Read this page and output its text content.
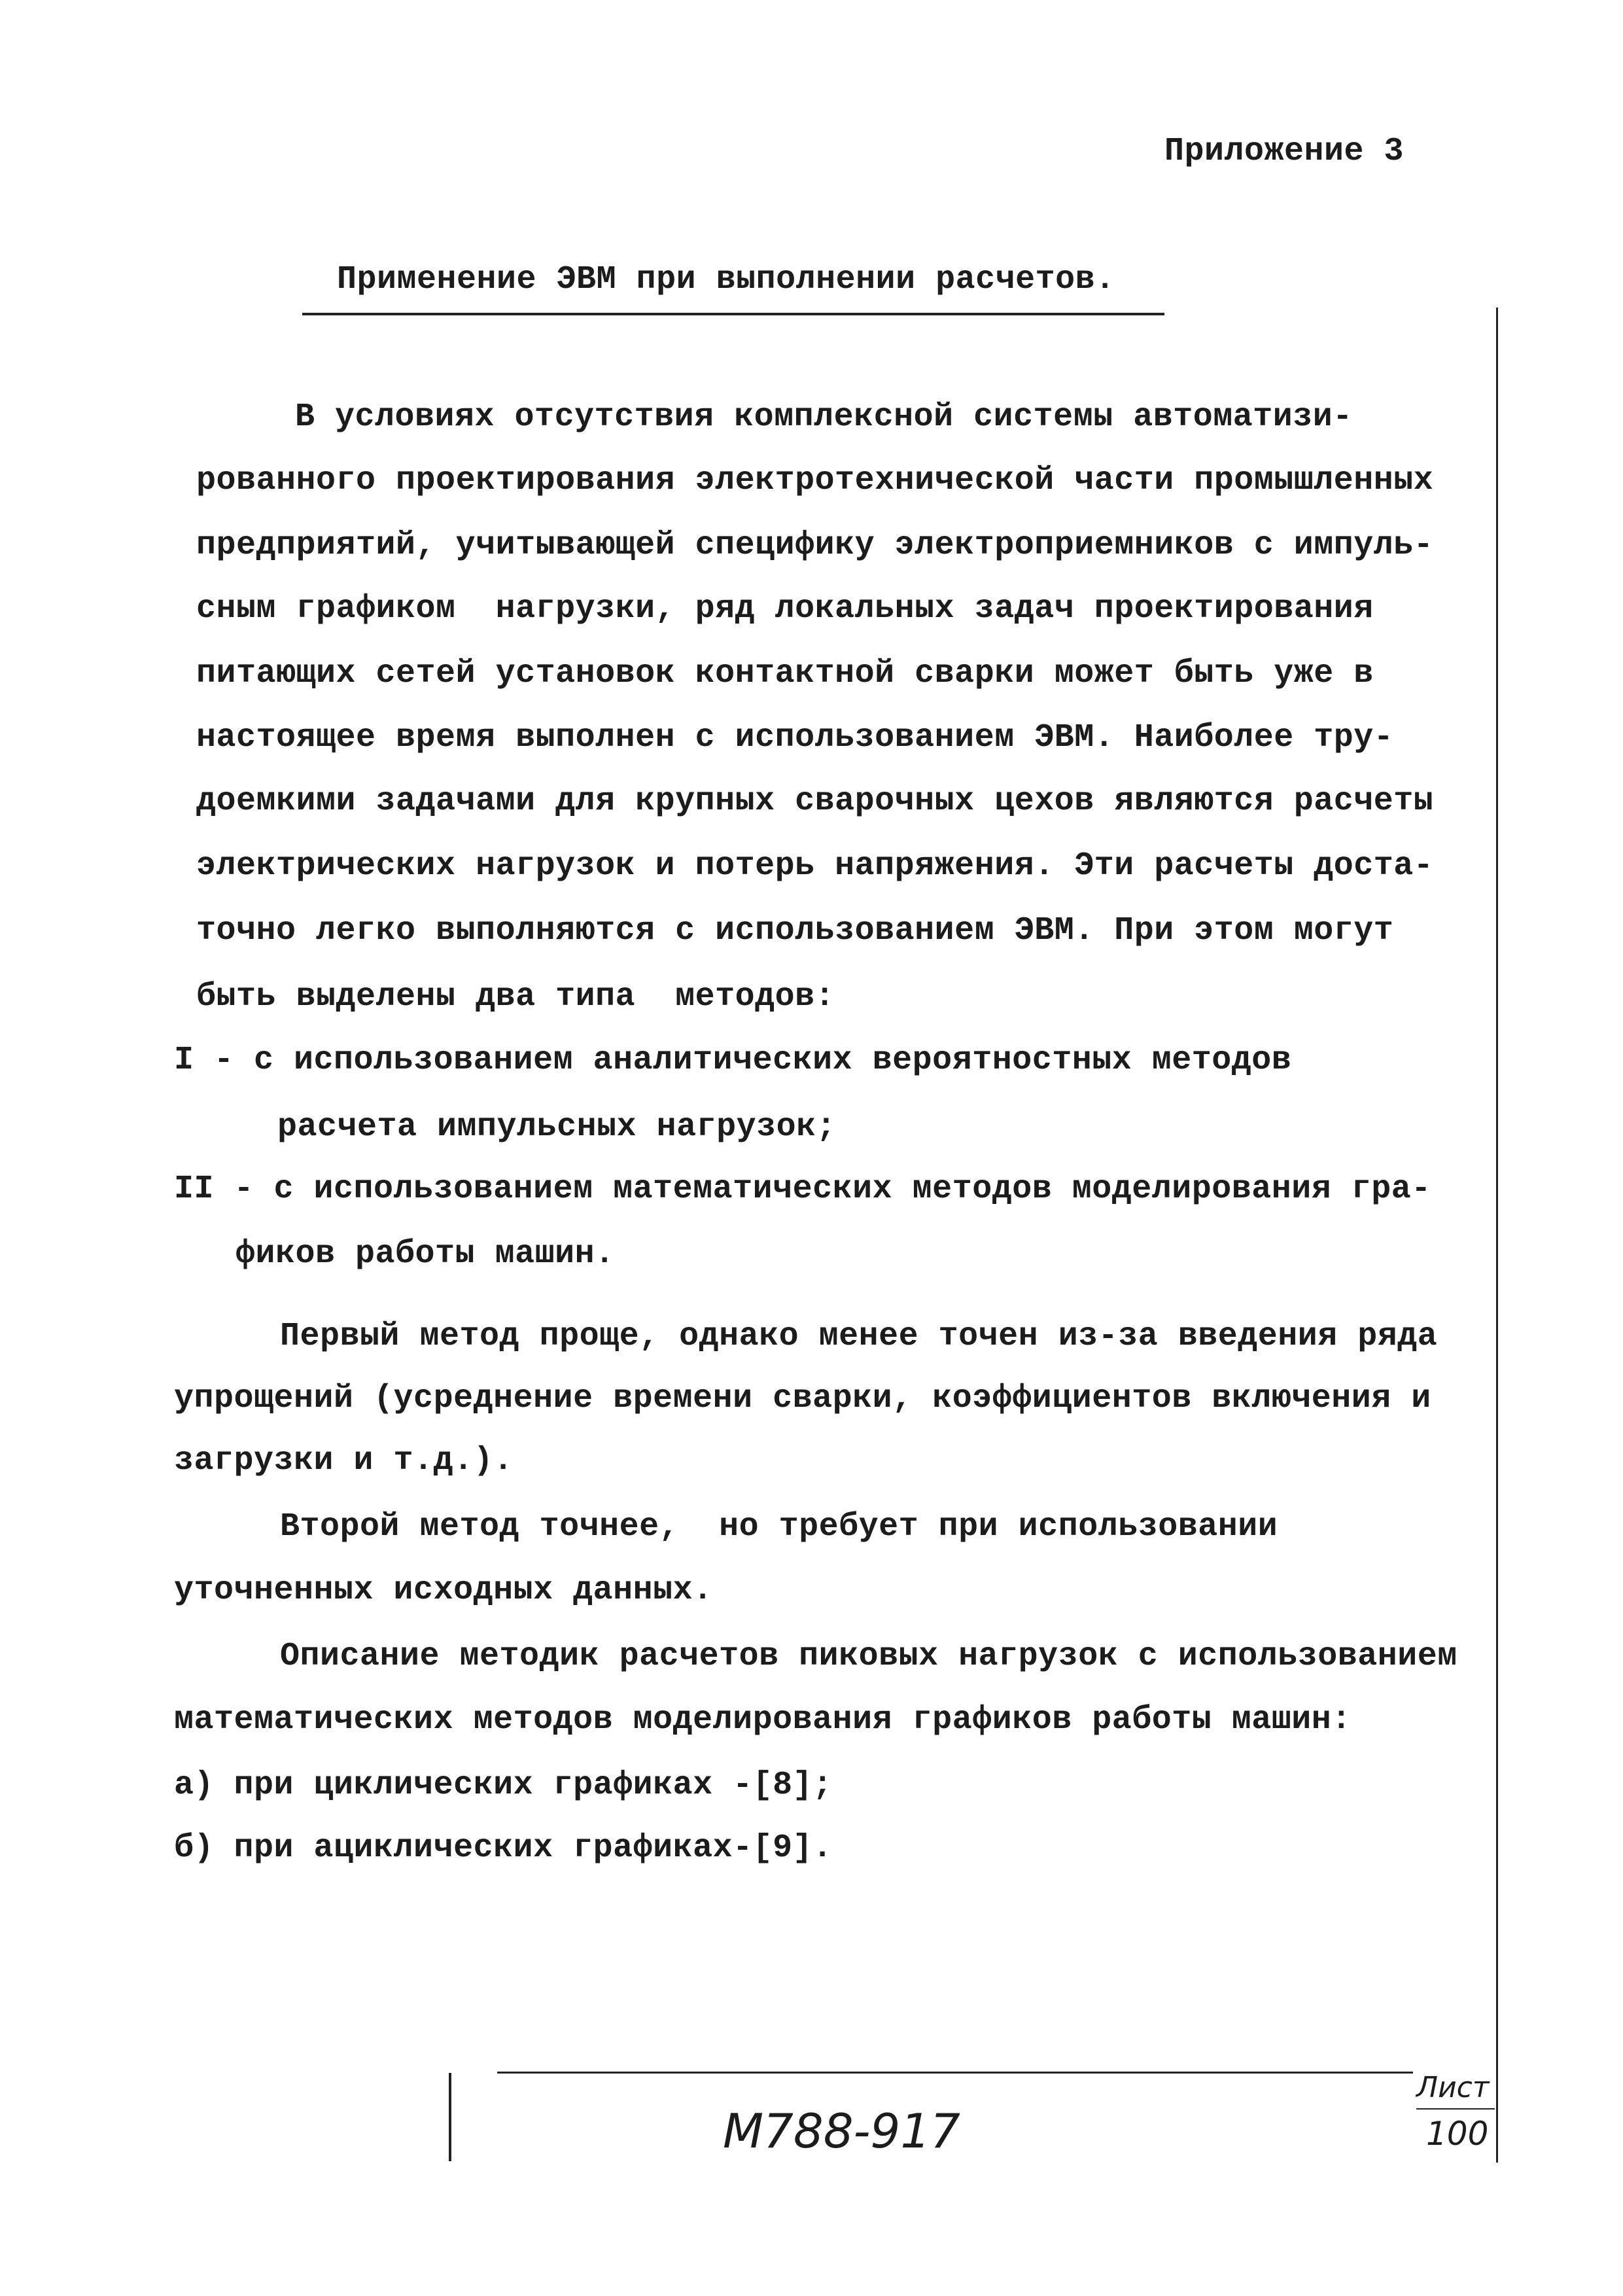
Приложение 3
Применение ЭВМ при выполнении расчетов.
В условиях отсутствия комплексной системы автоматизи-
рованного проектирования электротехнической части промышленных
предприятий, учитывающей специфику электроприемников с импуль-
сным графиком  нагрузки, ряд локальных задач проектирования
питающих сетей установок контактной сварки может быть уже в
настоящее время выполнен с использованием ЭВМ. Наиболее тру-
доемкими задачами для крупных сварочных цехов являются расчеты
электрических нагрузок и потерь напряжения. Эти расчеты доста-
точно легко выполняются с использованием ЭВМ. При этом могут
быть выделены два типа  методов:
I - с использованием аналитических вероятностных методов
расчета импульсных нагрузок;
II - с использованием математических методов моделирования гра-
фиков работы машин.
Первый метод проще, однако менее точен из-за введения ряда
упрощений (усреднение времени сварки, коэффициентов включения и
загрузки и т.д.).
Второй метод точнее,  но требует при использовании
уточненных исходных данных.
Описание методик расчетов пиковых нагрузок с использованием
математических методов моделирования графиков работы машин:
а) при циклических графиках -[8];
б) при ациклических графиках-[9].
М788-917
Лист
100
